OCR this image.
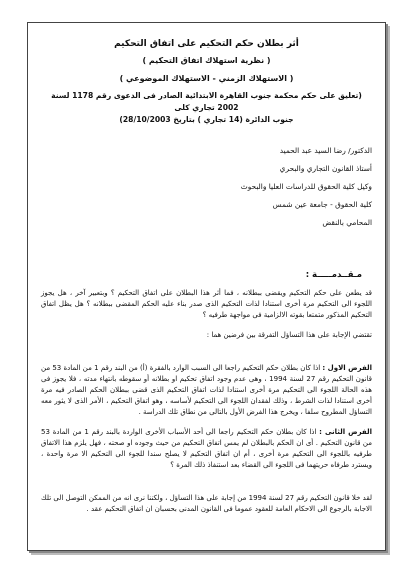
أثر بطلان حكم التحكيم على اتفاق التحكيم

( نظرية استهلاك اتفاق التحكيم )

( الاستهلاك الزمني - الاستهلاك الموضوعي )

(تعليق على حكم محكمة جنوب القاهرة الابتدائية الصادر فى الدعوى رقم 1178 لسنة 2002 تجاري كلى

جنوب الدائرة (14 تجاري ) بتاريخ 28/10/2003)

الدكتور/ رضا السيد عبد الحميد
أستاذ القانون التجاري والبحري
وكيل كلية الحقوق للدراسات العليا والبحوث
كلية الحقوق - جامعة عين شمس
المحامي بالنقض
مـقــدمـــــة :

قد يطعن على حكم التحكيم ويقضى ببطلانه ، فما أثر هذا البطلان على اتفاق التحكيم ؟ وبتعبير آخر ، هل يجوز اللجوء الى التحكيم مرة أخرى استنادا لذات التحكيم الذى صدر بناء عليه الحكم المقضى ببطلانه ؟ هل يظل اتفاق التحكيم المذكور متمتعا بقوته الالزامية فى مواجهة طرفيه ؟

تقتضي الإجابة على هذا التساؤل التفرقة بين فرضين هما :

الفرض الاول : اذا كان بطلان حكم التحكيم راجعا الى السبب الوارد بالفقرة (أ) من البند رقم 1 من المادة 53 من قانون التحكيم رقم 27 لسنة 1994 ، وهى عدم وجود اتفاق تحكيم او بطلانه أو سقوطه بانتهاء مدته ، فلا يجوز فى هذه الحالة اللجوء الى التحكيم مرة أخرى استنادا لذات اتفاق التحكيم الذى قضى ببطلان الحكم الصادر فيه مرة أخرى استنادا لذات الشرط ، وذلك لفقدان اللجوء الى التحكيم لأساسه ، وهو اتفاق التحكيم ، الأمر الذى لا يثور معه التساؤل المطروح سلفا ، ويخرج هذا الفرض الأول بالتالى من نطاق تلك الدراسة .

الفرض الثانى : اذا كان بطلان حكم التحكيم راجعا الى أحد الأسباب الأخرى الواردة بالبند رقم 1 من المادة 53 من قانون التحكيم . أى ان الحكم بالبطلان لم يمس اتفاق التحكيم من حيث وجوده او صحته ، فهل يلزم هذا الاتفاق طرفيه باللجوء الى التحكيم مرة أخرى ، أم ان اتفاق التحكيم لا يصلح سندا للجوء الى التحكيم الا مرة واحدة ، ويسترد طرفاه حريتهما فى اللجوء الى القضاء بعد استنفاذ ذلك المرة ؟

لقد خلا قانون التحكيم رقم 27 لسنة 1994 من إجابة على هذا التساؤل ، ولكننا نرى انه من الممكن التوصل الى تلك الاجابة بالرجوع الى الاحكام العامة للعقود عموما فى القانون المدنى بحسبان ان اتفاق التحكيم عقد .
